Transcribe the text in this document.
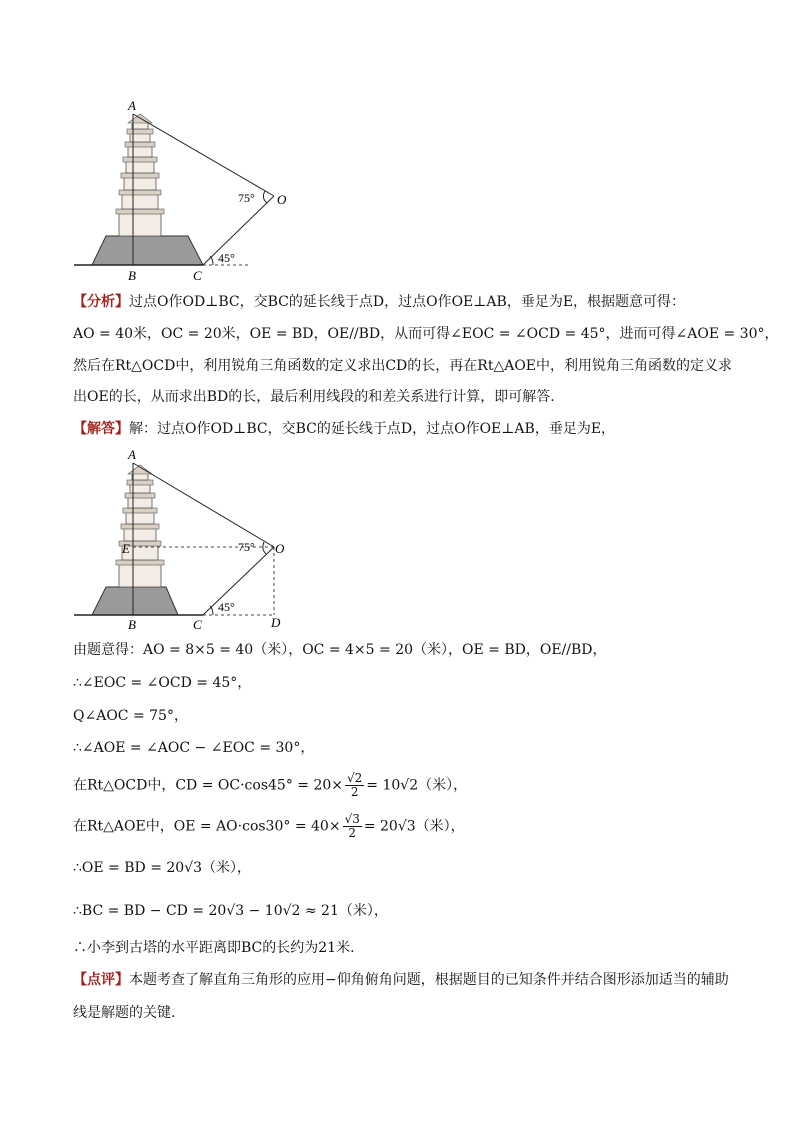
A
B	C
O
75°
45°
【分析】过点O作OD⊥BC，交BC的延长线于点D，过点O作OE⊥AB，垂足为E，根据题意可得：
AO = 40米，OC = 20米，OE = BD，OE//BD，从而可得∠EOC = ∠OCD = 45°，进而可得∠AOE = 30°，
然后在Rt△OCD中，利用锐角三角函数的定义求出CD的长，再在Rt△AOE中，利用锐角三角函数的定义求
出OE的长，从而求出BD的长，最后利用线段的和差关系进行计算，即可解答.
【解答】解：过点O作OD⊥BC，交BC的延长线于点D，过点O作OE⊥AB，垂足为E，
A
E
B	C
O
D
75°
45°
由题意得：AO = 8×5 = 40（米），OC = 4×5 = 20（米），OE = BD，OE//BD，
∴∠EOC = ∠OCD = 45°，
Q∠AOC = 75°，
∴∠AOE = ∠AOC − ∠EOC = 30°，
在Rt△OCD中，CD = $OC\cdot\cos 45^\circ = 20\times \frac{√2}{2} = 10√2$（米），
在Rt△AOE中，OE = $AO\cdot\cos 30^\circ = 40\times \frac{√3}{2} = 20√3$（米），
∴OE = BD = 20√3（米），
∴BC = BD − CD = 20√3 − 10√2 ≈ 21（米），
∴小李到古塔的水平距离即BC的长约为21米.
【点评】本题考查了解直角三角形的应用−仰角俯角问题，根据题目的已知条件并结合图形添加适当的辅助
线是解题的关键.
